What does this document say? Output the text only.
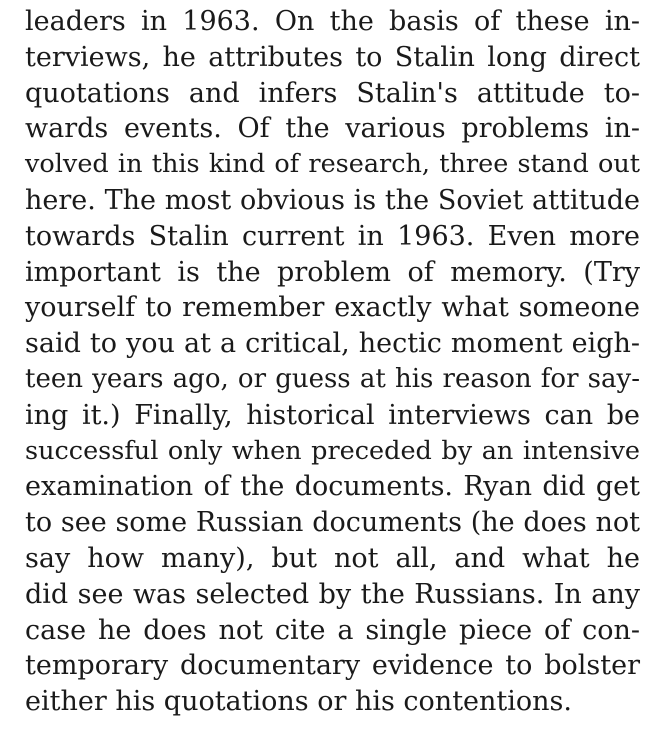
leaders in 1963. On the basis of these in-
terviews, he attributes to Stalin long direct
quotations and infers Stalin's attitude to-
wards events. Of the various problems in-
volved in this kind of research, three stand out
here. The most obvious is the Soviet attitude
towards Stalin current in 1963. Even more
important is the problem of memory. (Try
yourself to remember exactly what someone
said to you at a critical, hectic moment eigh-
teen years ago, or guess at his reason for say-
ing it.) Finally, historical interviews can be
successful only when preceded by an intensive
examination of the documents. Ryan did get
to see some Russian documents (he does not
say how many), but not all, and what he
did see was selected by the Russians. In any
case he does not cite a single piece of con-
temporary documentary evidence to bolster
either his quotations or his contentions.
